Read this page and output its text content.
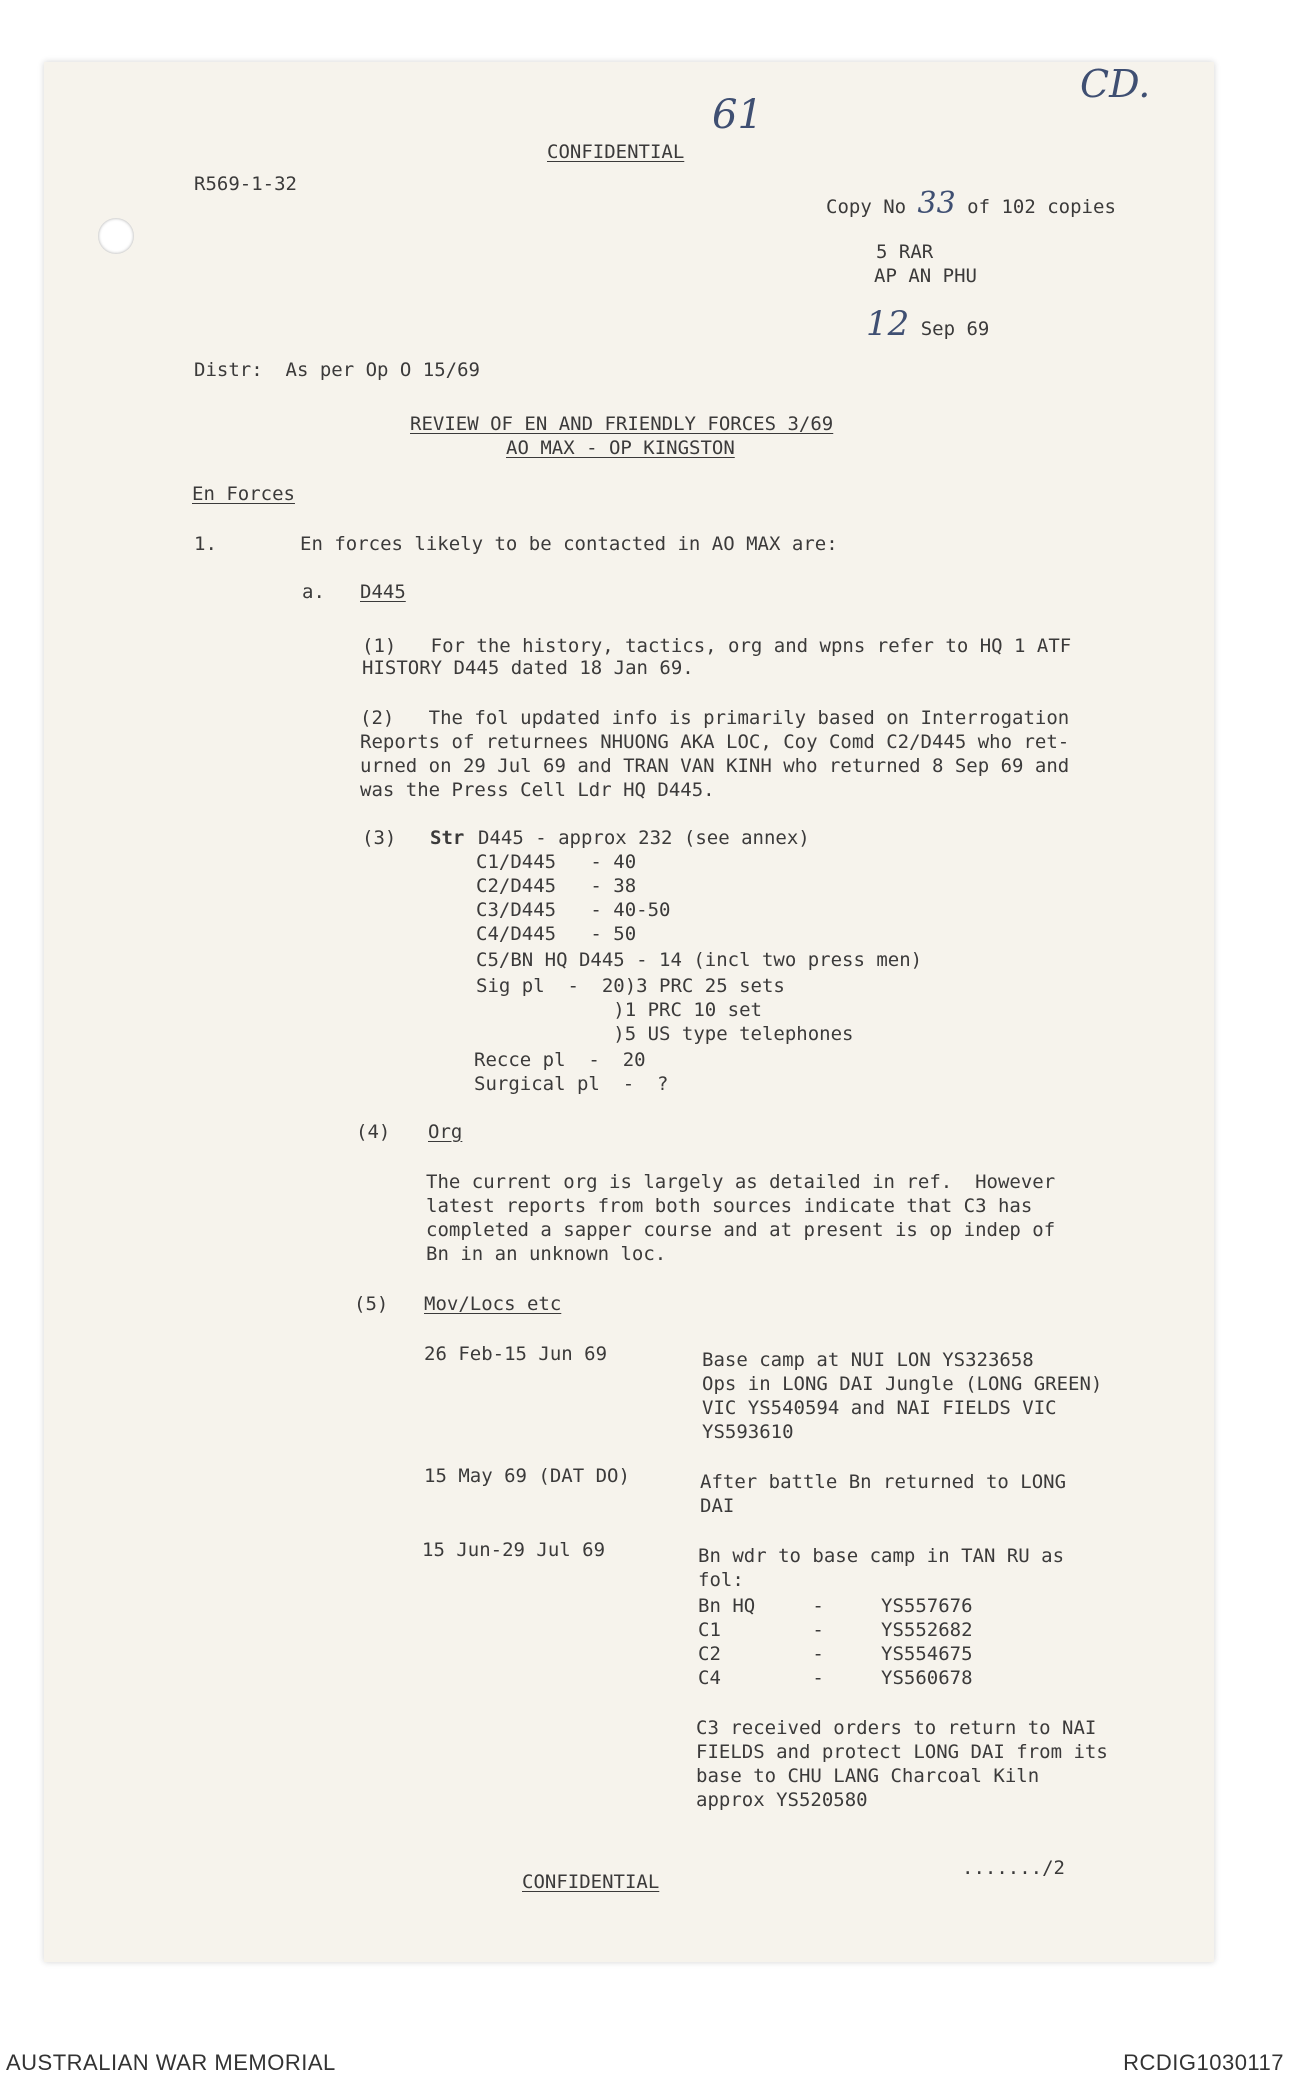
61
CD.
CONFIDENTIAL
R569-1-32
Copy No 33 of 102 copies
5 RAR
AP AN PHU
12 Sep 69
Distr:  As per Op O 15/69
REVIEW OF EN AND FRIENDLY FORCES 3/69
AO MAX - OP KINGSTON
En Forces
1.	En forces likely to be contacted in AO MAX are:
a. D445
(1)   For the history, tactics, org and wpns refer to HQ 1 ATF
HISTORY D445 dated 18 Jan 69.
(2)   The fol updated info is primarily based on Interrogation
Reports of returnees NHUONG AKA LOC, Coy Comd C2/D445 who ret-
urned on 29 Jul 69 and TRAN VAN KINH who returned 8 Sep 69 and
was the Press Cell Ldr HQ D445.
(3) Str D445 - approx 232 (see annex)
C1/D445   - 40
C2/D445   - 38
C3/D445   - 40-50
C4/D445   - 50
C5/BN HQ D445 - 14 (incl two press men)
Sig pl  -  20)3 PRC 25 sets
)1 PRC 10 set
)5 US type telephones
Recce pl  -  20
Surgical pl  -  ?
(4) Org
The current org is largely as detailed in ref.  However
latest reports from both sources indicate that C3 has
completed a sapper course and at present is op indep of
Bn in an unknown loc.
(5) Mov/Locs etc
26 Feb-15 Jun 69	Base camp at NUI LON YS323658
Ops in LONG DAI Jungle (LONG GREEN)
VIC YS540594 and NAI FIELDS VIC
YS593610
15 May 69 (DAT DO)	After battle Bn returned to LONG
DAI
15 Jun-29 Jul 69	Bn wdr to base camp in TAN RU as
fol:
Bn HQ     -     YS557676
C1        -     YS552682
C2        -     YS554675
C4        -     YS560678
C3 received orders to return to NAI
FIELDS and protect LONG DAI from its
base to CHU LANG Charcoal Kiln
approx YS520580
CONFIDENTIAL
......./2
AUSTRALIAN WAR MEMORIAL	RCDIG1030117
